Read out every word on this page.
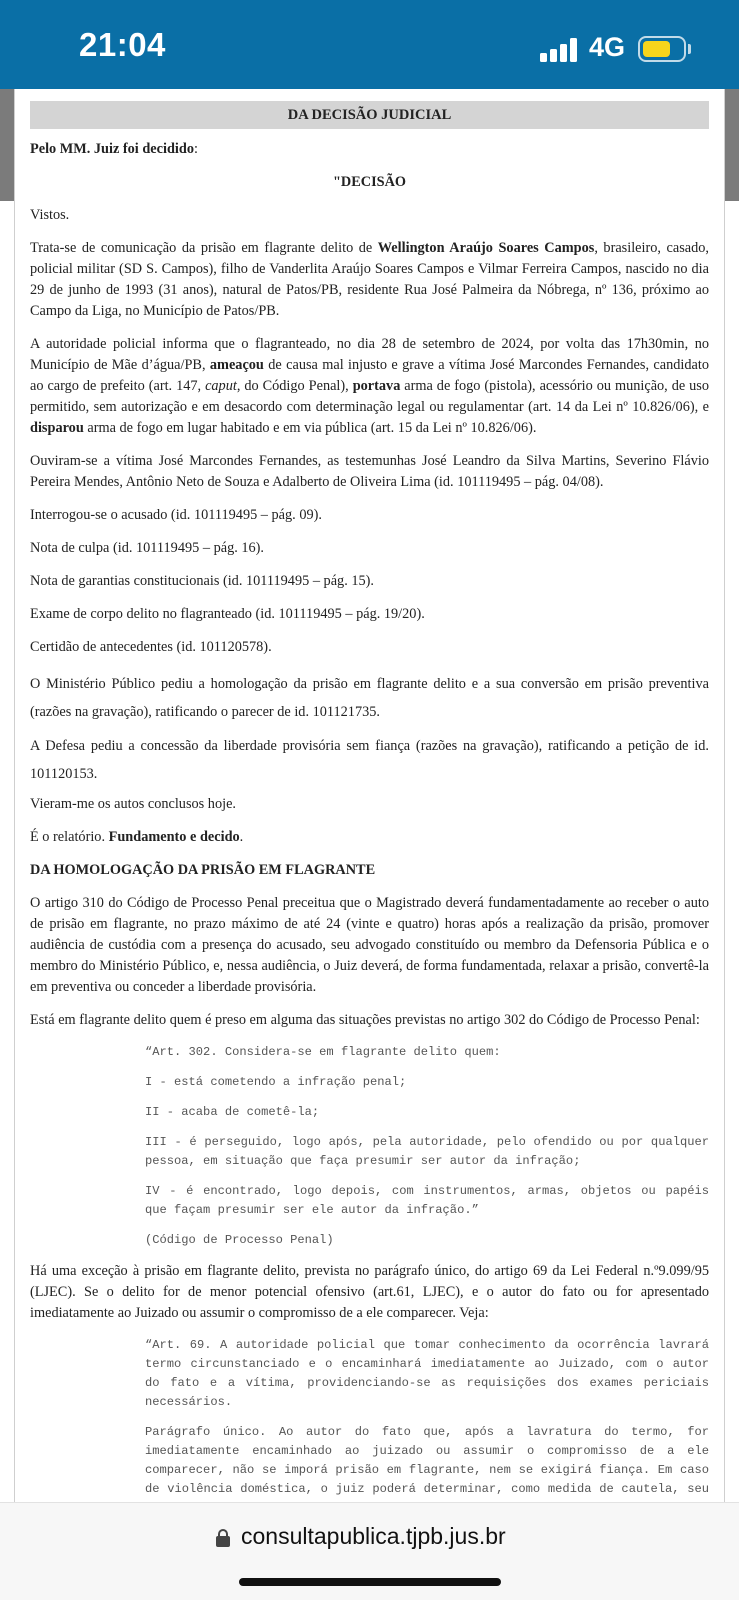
21:04	4G
DA DECISÃO JUDICIAL

Pelo MM. Juiz foi decidido:

"DECISÃO

Vistos.

Trata-se de comunicação da prisão em flagrante delito de Wellington Araújo Soares Campos, brasileiro, casado, policial militar (SD S. Campos), filho de Vanderlita Araújo Soares Campos e Vilmar Ferreira Campos, nascido no dia 29 de junho de 1993 (31 anos), natural de Patos/PB, residente Rua José Palmeira da Nóbrega, nº 136, próximo ao Campo da Liga, no Município de Patos/PB.

A autoridade policial informa que o flagranteado, no dia 28 de setembro de 2024, por volta das 17h30min, no Município de Mãe d’água/PB, ameaçou de causa mal injusto e grave a vítima José Marcondes Fernandes, candidato ao cargo de prefeito (art. 147, caput, do Código Penal), portava arma de fogo (pistola), acessório ou munição, de uso permitido, sem autorização e em desacordo com determinação legal ou regulamentar (art. 14 da Lei nº 10.826/06), e disparou arma de fogo em lugar habitado e em via pública (art. 15 da Lei nº 10.826/06).

Ouviram-se a vítima José Marcondes Fernandes, as testemunhas José Leandro da Silva Martins, Severino Flávio Pereira Mendes, Antônio Neto de Souza e Adalberto de Oliveira Lima (id. 101119495 – pág. 04/08).

Interrogou-se o acusado (id. 101119495 – pág. 09).

Nota de culpa (id. 101119495 – pág. 16).

Nota de garantias constitucionais (id. 101119495 – pág. 15).

Exame de corpo delito no flagranteado (id. 101119495 – pág. 19/20).

Certidão de antecedentes (id. 101120578).

O Ministério Público pediu a homologação da prisão em flagrante delito e a sua conversão em prisão preventiva (razões na gravação), ratificando o parecer de id. 101121735.

A Defesa pediu a concessão da liberdade provisória sem fiança (razões na gravação), ratificando a petição de id. 101120153.

Vieram-me os autos conclusos hoje.

É o relatório. Fundamento e decido.

DA HOMOLOGAÇÃO DA PRISÃO EM FLAGRANTE

O artigo 310 do Código de Processo Penal preceitua que o Magistrado deverá fundamentadamente ao receber o auto de prisão em flagrante, no prazo máximo de até 24 (vinte e quatro) horas após a realização da prisão, promover audiência de custódia com a presença do acusado, seu advogado constituído ou membro da Defensoria Pública e o membro do Ministério Público, e, nessa audiência, o Juiz deverá, de forma fundamentada, relaxar a prisão, convertê-la em preventiva ou conceder a liberdade provisória.

Está em flagrante delito quem é preso em alguma das situações previstas no artigo 302 do Código de Processo Penal:

“Art. 302. Considera-se em flagrante delito quem:
I - está cometendo a infração penal;
II - acaba de cometê-la;
III - é perseguido, logo após, pela autoridade, pelo ofendido ou por qualquer pessoa, em situação que faça presumir ser autor da infração;
IV - é encontrado, logo depois, com instrumentos, armas, objetos ou papéis que façam presumir ser ele autor da infração.”
(Código de Processo Penal)

Há uma exceção à prisão em flagrante delito, prevista no parágrafo único, do artigo 69 da Lei Federal n.º9.099/95 (LJEC). Se o delito for de menor potencial ofensivo (art.61, LJEC), e o autor do fato ou for apresentado imediatamente ao Juizado ou assumir o compromisso de a ele comparecer. Veja:

“Art. 69. A autoridade policial que tomar conhecimento da ocorrência lavrará termo circunstanciado e o encaminhará imediatamente ao Juizado, com o autor do fato e a vítima, providenciando-se as requisições dos exames periciais necessários.
Parágrafo único. Ao autor do fato que, após a lavratura do termo, for imediatamente encaminhado ao juizado ou assumir o compromisso de a ele comparecer, não se imporá prisão em flagrante, nem se exigirá fiança. Em caso de violência doméstica, o juiz poderá determinar, como medida de cautela, seu
consultapublica.tjpb.jus.br
